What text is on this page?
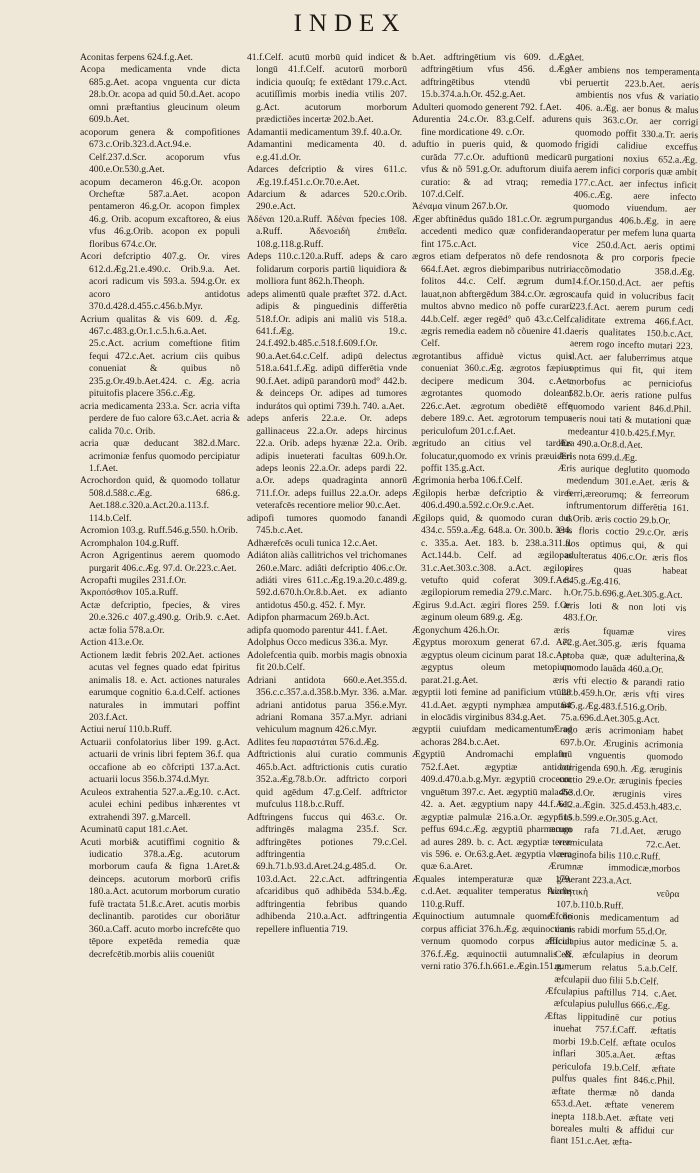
INDEX

Aconitas ferpens 624.f.g.Aet.

Acopa medicamenta vnde dicta 685.g.Aet. acopa vnguenta cur dicta 28.b.Or. acopa ad quid 50.d.Aet. acopo omni præftantius gleucinum oleum 609.b.Aet.

acoporum genera & compofitiones 673.c.Orib.323.d.Act.94.e. Celf.237.d.Scr. acoporum vfus 400.e.Or.530.g.Aet.

acopum decameron 46.g.Or. acopon Orcheftæ 587.a.Aet. acopon pentameron 46.g.Or. acopon fimplex 46.g. Orib. acopum excaftoreo, & eius vfus 46.g.Orib. acopon ex populi floribus 674.c.Or.

Acori defcriptio 407.g. Or. vires 612.d.Æg.21.e.490.c. Orib.9.a. Aet. acori radicum vis 593.a. 594.g.Or. ex acoro antidotus 370.d.428.d.455.c.456.b.Myr.

Acrium qualitas & vis 609. d. Æg. 467.c.483.g.Or.1.c.5.h.6.a.Aet. 25.c.Act. acrium comeftione fitim fequi 472.c.Aet. acrium ciis quibus conueniat & quibus nõ 235.g.Or.49.b.Aet.424. c. Æg. acria pituitofis placere 356.c.Æg.

acria medicamenta 233.a. Scr. acria vifta perdere de fuo calore 63.c.Aet. acria & calida 70.c. Orib.

acria quæ deducant 382.d.Marc. acrimoniæ fenfus quomodo percipiatur 1.f.Aet.

Acrochordon quid, & quomodo tollatur 508.d.588.c.Æg. 686.g. Aet.188.c.320.a.Act.20.a.113.f. 114.b.Celf.

Acromion 103.g. Ruff.546.g.550. h.Orib.

Acromphalon 104.g.Ruff.

Acron Agrigentinus aerem quomodo purgarit 406.c.Æg. 97.d. Or.223.c.Aet.

Acropafti mugiles 231.f.Or.

Ἀκροπόσθιον 105.a.Ruff.

Actæ defcriptio, fpecies, & vires 20.e.326.c 407.g.490.g. Orib.9. c.Aet. actæ folia 578.a.Or.

Action 413.e.Or.

Actionem lædit febris 202.Aet. actiones acutas vel fegnes quado edat fpiritus animalis 18. e. Act. actiones naturales earumque cognitio 6.a.d.Celf. actiones naturales in immutari poffint 203.f.Act.

Actiui neruí 110.b.Ruff.

Actuarii confolatorius liber 199. g.Act. actuarii de vrinis libri feptem 36.f. qua occafione ab eo cõfcripti 137.a.Act. actuarii locus 356.b.374.d.Myr.

Aculeos extrahentia 527.a.Æg.10. c.Act. aculei echini pedibus inhærentes vt extrahendi 397. g.Marcell.

Acuminatū caput 181.c.Aet.

Acuti morbi& acutiffimi cognitio & iudicatio 378.a.Æg. acutorum morborum caufa & figna 1.Aret.& deinceps. acutorum morborū crifis 180.a.Act. acutorum morborum curatio fufè tractata 51.ß.c.Aret. acutis morbis declinantib. parotides cur oboriātur 360.a.Caff. acuto morbo increfcēte quo tēpore expetēda remedia quæ decrefcētib.morbis aliis coueniūt

41.f.Celf. acutū morbū quid indicet & longū 41.f.Celf. acutorū morborū indicia quouſq; fe extēdant 179.c.Act. acutiſſimis morbis inedia vtilis 207. g.Act. acutorum morborum prædictiões incertæ 202.b.Aet.

Adamantii medicamentum 39.f. 40.a.Or.

Adamantini medicamenta 40. d. e.g.41.d.Or.

Adarces defcriptio & vires 611.c. Æg.19.f.451.c.Or.70.e.Aet.

Adarcium & adarces 520.c.Orib. 290.e.Act.

Ἀδέναι 120.a.Ruff. Ἀδέναι fpecies 108. a.Ruff. Ἀδενοειδὴ ἐπιθεῖα. 108.g.118.g.Ruff.

Adeps 110.c.120.a.Ruff. adeps & caro folidarum corporis partiū liquidiora & molliora funt 862.h.Theoph.

adeps alimentū quale præftet 372. d.Act. adipis & pinguedinis differētia 518.f.Or. adipis ani maliū vis 518.a. 641.f.Æg. 19.c. 24.f.492.b.485.c.518.f.609.f.Or. 90.a.Aet.64.c.Celf. adipū delectus 518.a.641.f.Æg. adipū differētia vnde 90.f.Aet. adipū parandorū mod° 442.b. & deinceps Or. adipes ad tumores indurátos quì optimi 739.h. 740. a.Aet.

adeps anferis 22.a.e. Or. adeps gallinaceus 22.a.Or. adeps hircinus 22.a. Orib. adeps hyænæ 22.a. Orib. adipis inueterati facultas 609.h.Or. adeps leonis 22.a.Or. adeps pardi 22. a.Or. adeps quadraginta annorū 711.f.Or. adeps fuillus 22.a.Or. adeps veterafcēs recentiore melior 90.c.Aet.

adipofi tumores quomodo fanandi 745.b.c.Aet.

Adhærefcēs oculi tunica 12.c.Aet.

Adiáton aliàs callitrichos vel trichomanes 260.e.Marc. adiâti defcriptio 406.c.Or. adiáti vires 611.c.Æg.19.a.20.c.489.g. 592.d.670.h.Or.8.b.Aet. ex adianto antidotus 450.g. 452. f. Myr.

Adipfon pharmacum 269.b.Act.

adipfa quomodo parentur 441. f.Aet.

Adolphus Occo medicus 336.a. Myr.

Adolefcentia quib. morbis magis obnoxia fit 20.b.Celf.

Adriani antidota 660.e.Aet.355.d. 356.c.c.357.a.d.358.b.Myr. 336. a.Mar. adriani antidotus parua 356.e.Myr. adriani Romana 357.a.Myr. adriani vehiculum magnum 426.c.Myr.

Adlites feu παραστάται 576.d.Æg.

Adftrictionis alui curatio communis 465.b.Act. adftrictionis cutis curatio 352.a.Æg.78.b.Or. adftricto corpori quid agēdum 47.g.Celf. adftrictor mufculus 118.b.c.Ruff.

Adftringens fuccus qui 463.c. Or. adftringēs malagma 235.f. Scr. adftringētes potiones 79.c.Cel. adftringentia 69.h.71.b.93.d.Aret.24.g.485.d. Or. 103.d.Act. 22.c.Act. adftringentia afcaridibus quō adhibēda 534.b.Æg. adftringentia febribus quando adhibenda 210.a.Act. adftringentia repellere influentia 719.

b.Aet. adftringētium vis 609. d.Æg. adftringētium vfus 456. d.Æg. adftringētibus vtendū vbi 15.b.374.a.h.Or. 452.g.Aet.

Adulteri quomodo generent 792. f.Aet.

Adurentia 24.c.Or. 83.g.Celf. adurens fine mordicatione 49. c.Or.

aduftio in pueris quid, & quomodo curāda 77.c.Or. aduftionū medicarū vfus & nõ 591.g.Or. aduftorum diuifa curatio: & ad vtraq; remedia 107.d.Celf.

Ἀέναμα vinum 267.b.Or.

Æger abftinēdus quādo 181.c.Or. ægrum accedenti medico quæ confideranda fint 175.c.Act.

ægros etiam defperatos nõ defe rendos 664.f.Aet. ægros diebimparibus nutriri folitos 44.c. Celf. ægrum dum lauat,non abftergēdum 384.c.Or. ægros multos abvno medico nõ poffe curari 44.b.Celf. æger regēd° quō 43.c.Celf. ægris remedia eadem nõ cõuenire 41.d. Celf.

ægrotantibus affiduè victus quis conueniat 360.c.Æg. ægrotos fæpius decipere medicum 304. c.Aet. ægrotantes quomodo doleant 226.c.Aet. ægrotum obediētē effe debere 189.c. Aet. ægrotorum tempus periculofum 201.c.f.Aet.

ægritudo an citius vel tardius folucatur,quomodo ex vrinis præuideri poffit 135.g.Act.

Ægrimonia herba 106.f.Celf.

Ægilopis herbæ defcriptio & vires 406.d.490.a.592.c.Or.9.c.Aet.

Ægilops quid, & quomodo curan dus 434.c. 559.a.Æg. 648.a. Or. 300.b. 334. c. 335.a. Aet. 183. b. 238.a.311.a. Act.144.b. Celf. ad ægilopas 31.c.Aet.303.c.308. a.Act. ægilopi vetufto quid coferat 309.f.Act. ægilopiorum remedia 279.c.Marc.

Ægirus 9.d.Act. ægiri flores 259. f.Or. æginum oleum 689.g. Æg.

Ægonychum 426.h.Or.

Ægyptus moroxum generat 67.d. Aet. ægyptus oleum cicinum parat 18.c.Aet. ægyptus oleum metopium parat.21.g.Aet.

ægyptii loti femine ad panificium vtūtur 41.d.Aet. ægypti nymphæa amputant in elocādis virginibus 834.g.Aet.

ægyptii cuiufdam medicamentum ad achoras 284.b.c.Aet.

Ægyptiū Andromachi emplaftrū 752.f.Aet. ægyptiæ antidoti 409.d.470.a.b.g.Myr. ægyptiū croceum vnguētum 397.c. Aet. ægyptiū malache 42. a. Aet. ægyptium napy 44.f.Aet. ægyptiæ palmulæ 216.a.Or. ægyptius peffus 694.c.Æg. ægyptiū pharmacum ad aures 289. b. c. Act. ægyptiæ terræ vis 596. e. Or.63.g.Aet. ægyptia vlcera quæ 6.a.Aret.

Æquales intemperaturæ quæ 179. c.d.Aet. æqualiter temperatus fuccus 110.g.Ruff.

Æquinoctium autumnale quomo do corpus afficiat 376.h.Æg. æquinoctium vernum quomodo corpus afficiat 376.f.Æg. æquinoctii autumnalis & verni ratio 376.f.h.661.e.Ægin.151.g.

Aet.

Aer ambiens nos temperamenta peruertit 223.b.Aet. aeris ambientis nos vfus & variatio 406. a.Æg. aer bonus & malus quis 363.c.Or. aer corrigi quomodo poffit 330.a.Tr. aeris frigidi calidiue exceffus purgationi noxius 652.a.Æg. aerem infici corporis quæ ambit 177.c.Act. aer infectus inficit 406.c.Æg. aere infecto quomodo viuendum. aer purgandus 406.b.Æg. in aere operatur per mefem luna quarta vice 250.d.Act. aeris optimi nota & pro corporis fpecie accõmodatio 358.d.Æg. 14.f.Or.150.d.Act. aer peftis caufa quid in volucribus facit 223.f.Act. aerem purum cedi caliditate extrema 466.f.Act. aeris qualitates 150.b.c.Act. aerem rogo incefto mutari 223. d.Act. aer faluberrimus atque optimus qui fit, qui item morbofus ac perniciofus 582.b.Or. aeris ratione pulfus quomodo varient 846.d.Phil. aeris noui tati & mutationi quæ medeantur 410.b.425.f.Myr.

Æra 490.a.Or.8.d.Aet.

Æris nota 699.d.Æg.

Æris aurique deglutito quomodo medendum 301.e.Aet. æris & ferri,æreorumq; & ferreorum inftrumentorum differētia 161. d.Orib. æris coctio 29.b.Or.

æris floris coctio 29.c.Or. æris flos optimus qui, & qui adulteratus 406.c.Or. æris flos vires quas habeat 645.g.Æg.416. h.Or.75.b.696.g.Aet.305.g.Act. æris loti & non loti vis 483.f.Or.

æris fquamæ vires 72.g.Aet.305.g. æris fquama proba quæ, quæ adulterina,& quomodo lauāda 460.a.Or.

æris vfti electio & parandi ratio 28.b.459.h.Or. æris vfti vires 645.g.Æg.483.f.516.g.Orib. 75.a.696.d.Aet.305.g.Act.

Ærugo æris acrimoniam habet 697.b.Or. Æruginis acrimonia in vnguentis quomodo corrigenda 690.h. Æg. æruginis coctio 29.e.Or. æruginis fpecies 453.d.Or. æruginis vires 612.a.Ægin. 325.d.453.h.483.c. 515.b.599.e.Or.305.g.Act.

ærugo rafa 71.d.Aet. ærugo vermiculata 72.c.Aet. æruginofa bilis 110.c.Ruff.

Ærumnæ immodicæ,morbos generant 223.a.Act.

Αἰσθητικὴ νεῦρα 107.b.110.b.Ruff.

Æfchrionis medicamentum ad canis rabidi morfum 55.d.Or.

Æfculapius autor medicinæ 5. a. Celf. æfculapius in deorum numerum relatus 5.a.b.Celf. æfculapii duo filii 5.b.Celf.

Æfculapius paftillus 714. c.Aet. æfculapius pulullus 666.c.Æg.

Æftas lippitudinē cur potius inuehat 757.f.Caff. æftatis morbi 19.b.Celf. æftate oculos inflari 305.a.Aet. æftas periculofa 19.b.Celf. æftate pulfus quales fint 846.c.Phil. æftate thermæ nõ danda 653.d.Aet. æftate venerem inepta 118.b.Aet. æftate veti boreales multi & affidui cur fiant 151.c.Aet. æfta-
